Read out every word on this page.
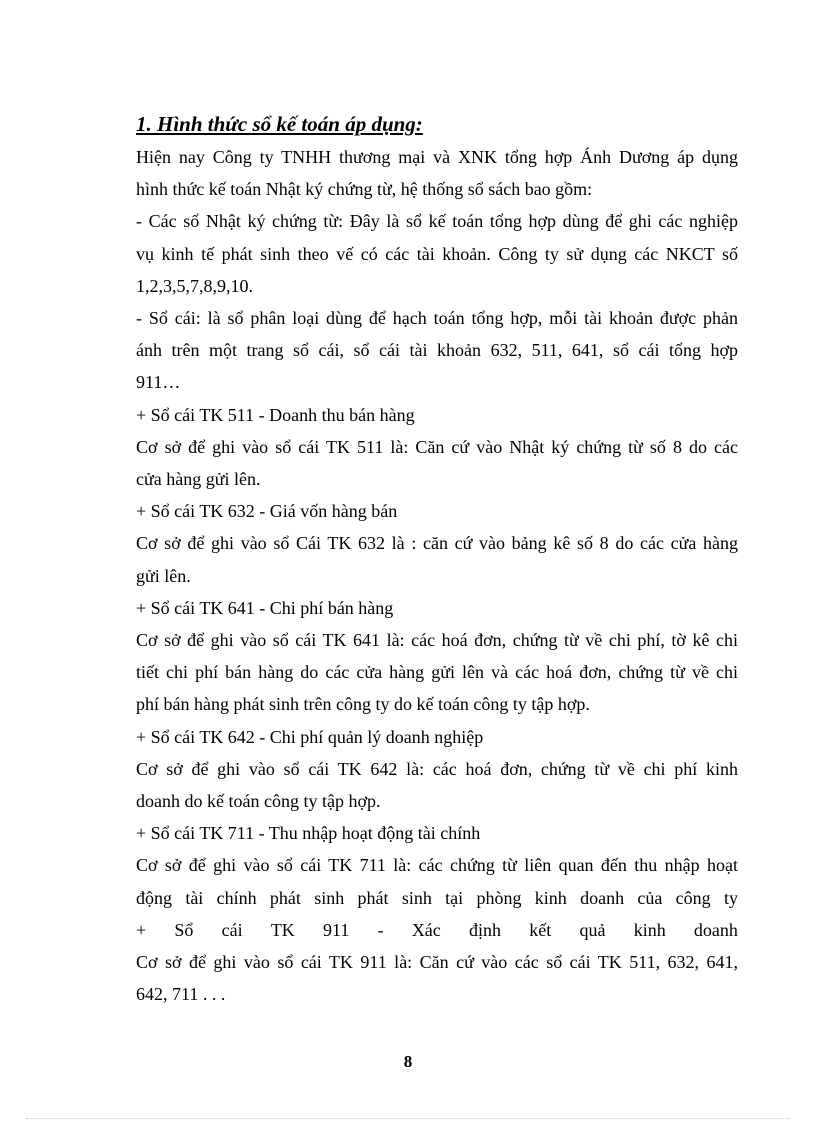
1. Hình thức sổ kế toán áp dụng:
Hiện nay Công ty TNHH thương mại và XNK tổng hợp Ánh Dương áp dụng
hình thức kế toán Nhật ký chứng từ, hệ thống sổ sách bao gồm:
- Các sổ Nhật ký chứng từ: Đây là sổ kế toán tổng hợp dùng để ghi các nghiệp
vụ kinh tế phát sinh theo vế có các tài khoản. Công ty sử dụng các NKCT số
1,2,3,5,7,8,9,10.
- Sổ cái: là sổ phân loại dùng để hạch toán tổng hợp, mỗi tài khoản được phản
ánh trên một trang sổ cái, sổ cái tài khoản 632, 511, 641, sổ cái tổng hợp
911…
+ Sổ cái TK 511 - Doanh thu bán hàng
Cơ sở để ghi vào sổ cái TK 511 là: Căn cứ vào Nhật ký chứng từ số 8 do các
cửa hàng gửi lên.
+ Sổ cái TK 632 - Giá vốn hàng bán
Cơ sở để ghi vào sổ Cái TK 632 là : căn cứ vào bảng kê số 8 do các cửa hàng
gửi lên.
+ Sổ cái TK 641 - Chi phí bán hàng
Cơ sở để ghi vào sổ cái TK 641 là: các hoá đơn, chứng từ về chi phí, tờ kê chi
tiết chi phí bán hàng do các cửa hàng gửi lên và các hoá đơn, chứng từ về chi
phí bán hàng phát sinh trên công ty do kế toán công ty tập hợp.
+ Sổ cái TK 642 - Chi phí quản lý doanh nghiệp
Cơ sở để ghi vào sổ cái TK 642 là: các hoá đơn, chứng từ về chi phí kinh
doanh do kế toán công ty tập hợp.
+ Sổ cái TK 711 - Thu nhập hoạt động tài chính
Cơ sở để ghi vào sổ cái TK 711 là: các chứng từ liên quan đến thu nhập hoạt
động tài chính phát sinh phát sinh tại phòng kinh doanh của công ty
+ Sổ cái TK 911 - Xác định kết quả kinh doanh
Cơ sở để ghi vào sổ cái TK 911 là: Căn cứ vào các sổ cái TK 511, 632, 641,
642, 711 . . .
8
